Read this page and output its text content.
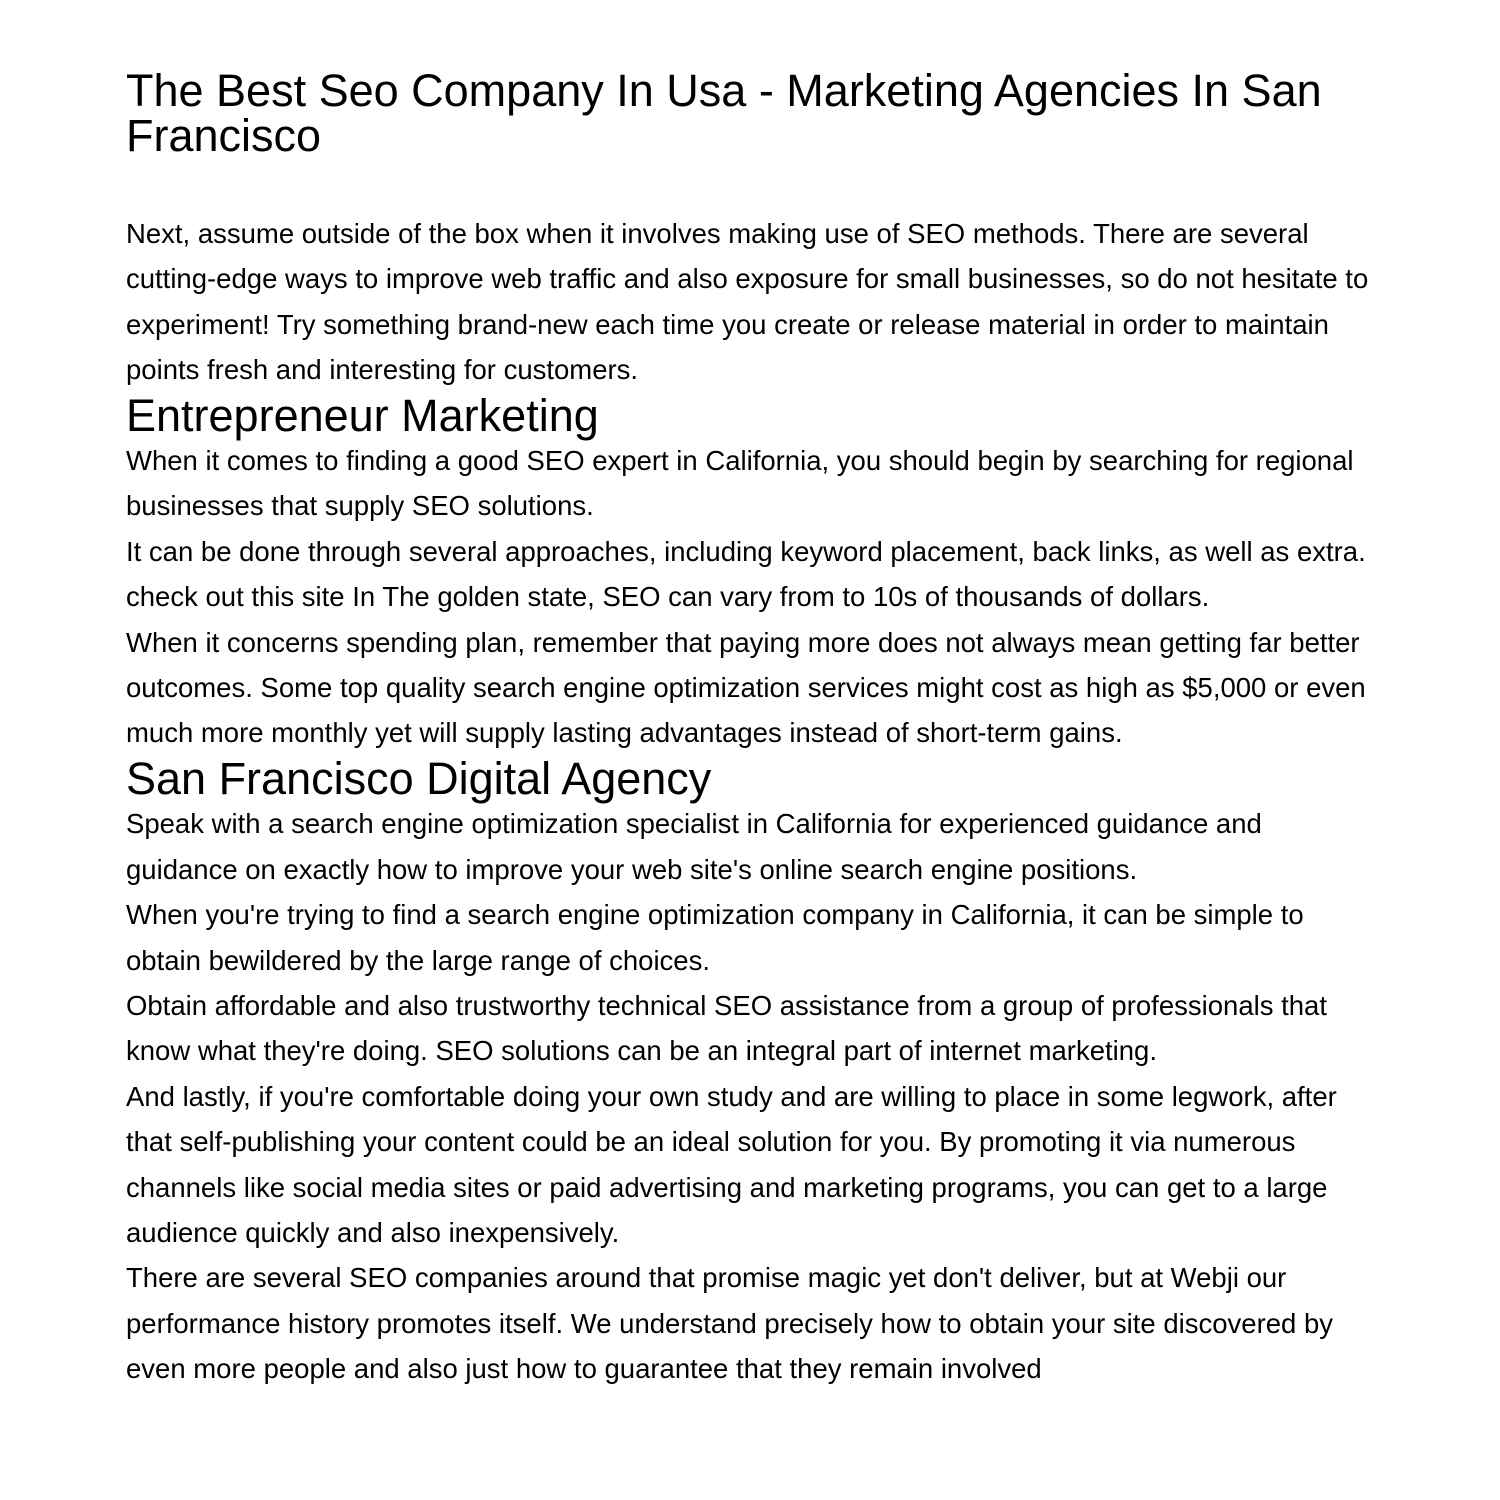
The Best Seo Company In Usa - Marketing Agencies In San Francisco

Next, assume outside of the box when it involves making use of SEO methods. There are several cutting-edge ways to improve web traffic and also exposure for small businesses, so do not hesitate to experiment! Try something brand-new each time you create or release material in order to maintain points fresh and interesting for customers.

Entrepreneur Marketing

When it comes to finding a good SEO expert in California, you should begin by searching for regional businesses that supply SEO solutions.

It can be done through several approaches, including keyword placement, back links, as well as extra. check out this site In The golden state, SEO can vary from to 10s of thousands of dollars.

When it concerns spending plan, remember that paying more does not always mean getting far better outcomes. Some top quality search engine optimization services might cost as high as $5,000 or even much more monthly yet will supply lasting advantages instead of short-term gains.

San Francisco Digital Agency

Speak with a search engine optimization specialist in California for experienced guidance and guidance on exactly how to improve your web site's online search engine positions.

When you're trying to find a search engine optimization company in California, it can be simple to obtain bewildered by the large range of choices.

Obtain affordable and also trustworthy technical SEO assistance from a group of professionals that know what they're doing. SEO solutions can be an integral part of internet marketing.

And lastly, if you're comfortable doing your own study and are willing to place in some legwork, after that self-publishing your content could be an ideal solution for you. By promoting it via numerous channels like social media sites or paid advertising and marketing programs, you can get to a large audience quickly and also inexpensively.

There are several SEO companies around that promise magic yet don't deliver, but at Webji our performance history promotes itself. We understand precisely how to obtain your site discovered by even more people and also just how to guarantee that they remain involved
